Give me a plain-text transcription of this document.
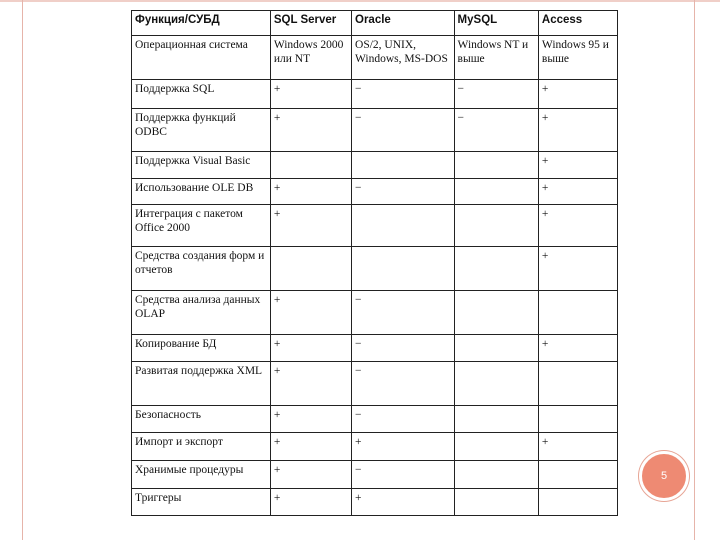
Функция/СУБД	SQL Server	Oracle	MySQL	Access
Операционная система	Windows 2000 или NT	OS/2, UNIX, Windows, MS-DOS	Windows NT и выше	Windows 95 и выше
Поддержка SQL	+	−	−	+
Поддержка функций ODBC	+	−	−	+
Поддержка Visual Basic				+
Использование OLE DB	+	−		+
Интеграция с пакетом Office 2000	+			+
Средства создания форм и отчетов				+
Средства анализа данных OLAP	+	−		
Копирование БД	+	−		+
Развитая поддержка XML	+	−		
Безопасность	+	−		
Импорт и экспорт	+	+		+
Хранимые процедуры	+	−		
Триггеры	+	+		
5
